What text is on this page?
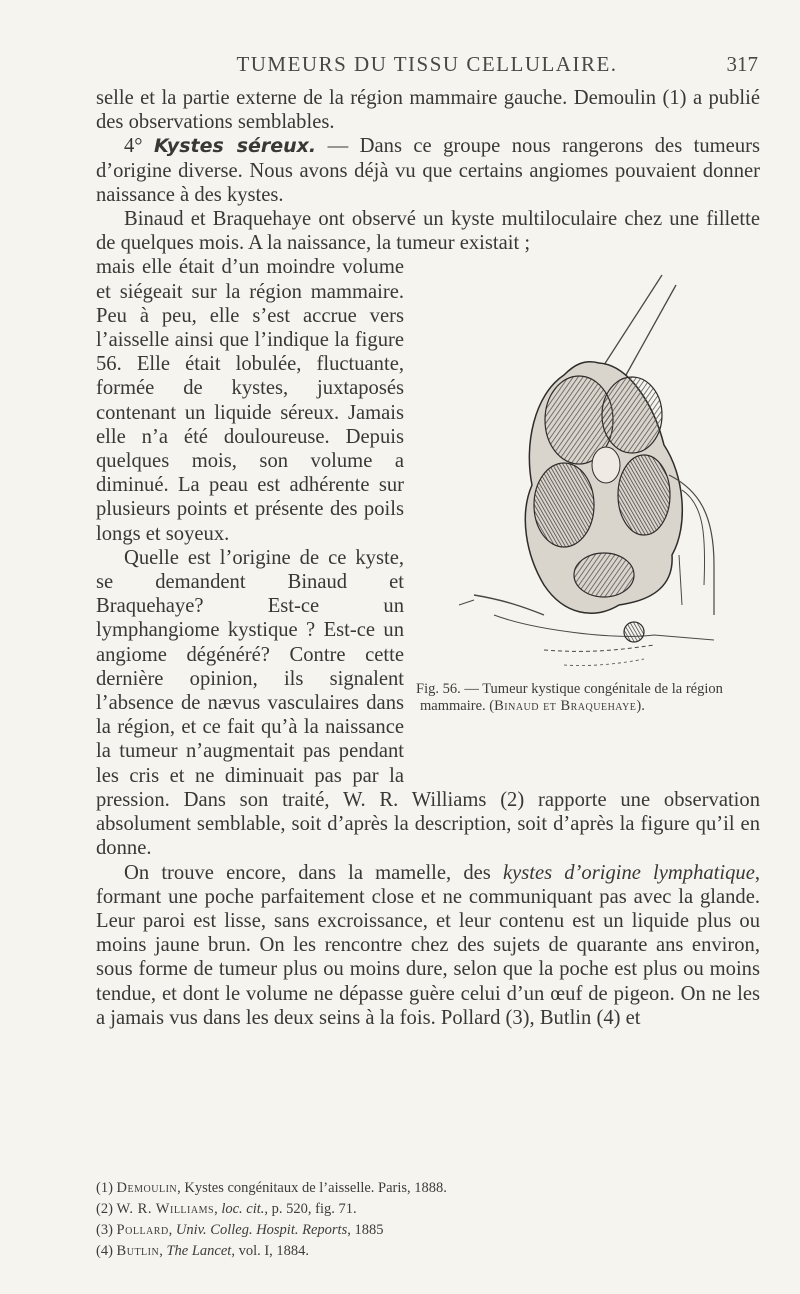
TUMEURS DU TISSU CELLULAIRE.	317

selle et la partie externe de la région mammaire gauche. Demoulin (1) a publié des observations semblables.

4° Kystes séreux. — Dans ce groupe nous rangerons des tumeurs d’origine diverse. Nous avons déjà vu que certains angiomes pouvaient donner naissance à des kystes.

Binaud et Braquehaye ont observé un kyste multiloculaire chez une fillette de quelques mois. A la naissance, la tumeur existait ;

Fig. 56. — Tumeur kystique congénitale de la région mammaire. (Binaud et Braquehaye).

mais elle était d’un moindre volume et siégeait sur la région mammaire. Peu à peu, elle s’est accrue vers l’aisselle ainsi que l’indique la figure 56. Elle était lobulée, fluctuante, formée de kystes, juxtaposés contenant un liquide séreux. Jamais elle n’a été douloureuse. Depuis quelques mois, son volume a diminué. La peau est adhérente sur plusieurs points et présente des poils longs et soyeux.

Quelle est l’origine de ce kyste, se demandent Binaud et Braquehaye? Est-ce un lymphangiome kystique ? Est-ce un angiome dégénéré? Contre cette dernière opinion, ils signalent l’absence de nævus vasculaires dans la région, et ce fait qu’à la naissance la tumeur n’augmentait pas pendant les cris et ne diminuait pas par la pression. Dans son traité, W. R. Williams (2) rapporte une observation absolument semblable, soit d’après la description, soit d’après la figure qu’il en donne.

On trouve encore, dans la mamelle, des kystes d’origine lymphatique, formant une poche parfaitement close et ne communiquant pas avec la glande. Leur paroi est lisse, sans excroissance, et leur contenu est un liquide plus ou moins jaune brun. On les rencontre chez des sujets de quarante ans environ, sous forme de tumeur plus ou moins dure, selon que la poche est plus ou moins tendue, et dont le volume ne dépasse guère celui d’un œuf de pigeon. On ne les a jamais vus dans les deux seins à la fois. Pollard (3), Butlin (4) et

(1) Demoulin, Kystes congénitaux de l’aisselle. Paris, 1888.
(2) W. R. Williams, loc. cit., p. 520, fig. 71.
(3) Pollard, Univ. Colleg. Hospit. Reports, 1885
(4) Butlin, The Lancet, vol. I, 1884.
